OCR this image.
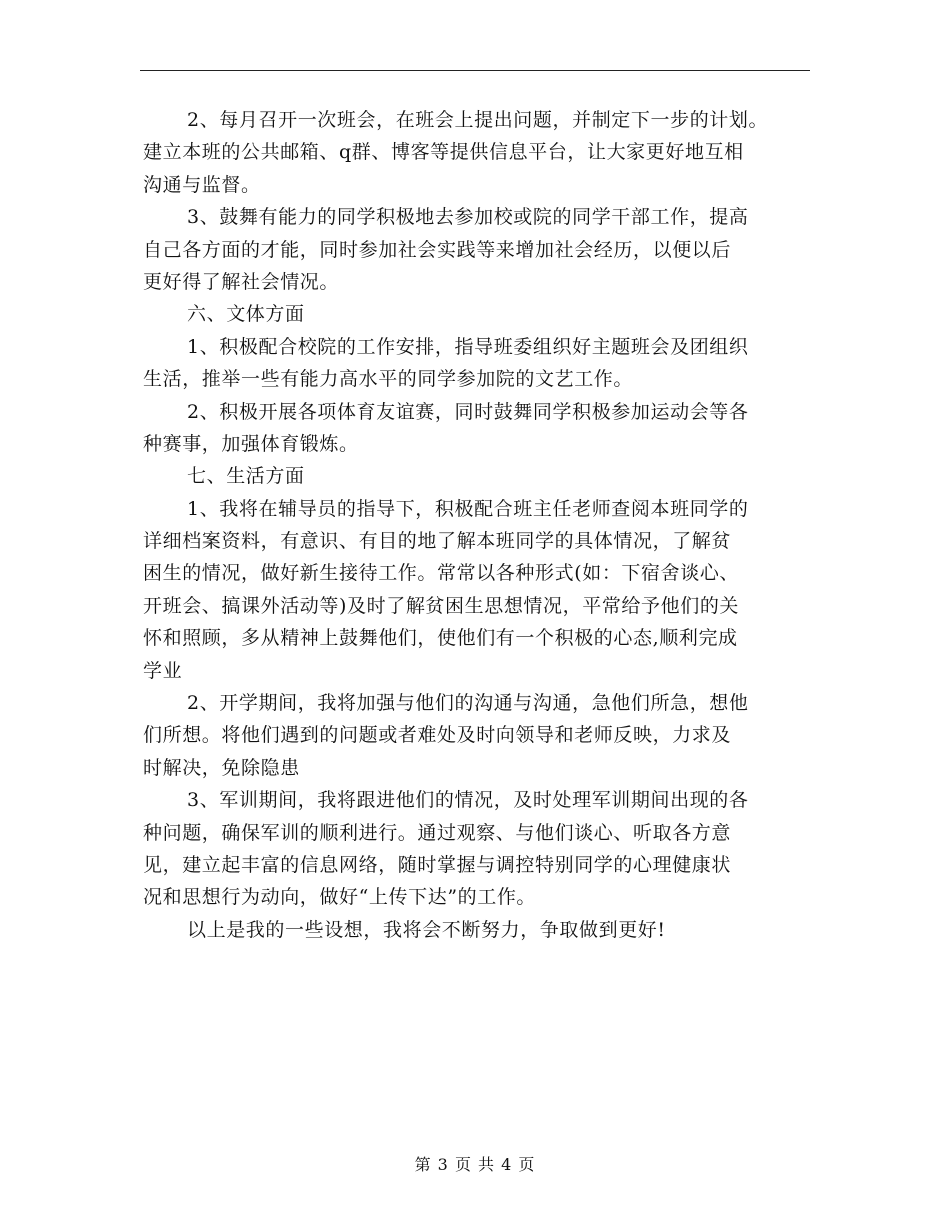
2、每月召开一次班会，在班会上提出问题，并制定下一步的计划。
建立本班的公共邮箱、q群、博客等提供信息平台，让大家更好地互相
沟通与监督。
3、鼓舞有能力的同学积极地去参加校或院的同学干部工作，提高
自己各方面的才能，同时参加社会实践等来增加社会经历，以便以后
更好得了解社会情况。
六、文体方面
1、积极配合校院的工作安排，指导班委组织好主题班会及团组织
生活，推举一些有能力高水平的同学参加院的文艺工作。
2、积极开展各项体育友谊赛，同时鼓舞同学积极参加运动会等各
种赛事，加强体育锻炼。
七、生活方面
1、我将在辅导员的指导下，积极配合班主任老师查阅本班同学的
详细档案资料，有意识、有目的地了解本班同学的具体情况，了解贫
困生的情况，做好新生接待工作。常常以各种形式(如：下宿舍谈心、
开班会、搞课外活动等)及时了解贫困生思想情况，平常给予他们的关
怀和照顾，多从精神上鼓舞他们，使他们有一个积极的心态,顺利完成
学业
2、开学期间，我将加强与他们的沟通与沟通，急他们所急，想他
们所想。将他们遇到的问题或者难处及时向领导和老师反映，力求及
时解决，免除隐患
3、军训期间，我将跟进他们的情况，及时处理军训期间出现的各
种问题，确保军训的顺利进行。通过观察、与他们谈心、听取各方意
见，建立起丰富的信息网络，随时掌握与调控特别同学的心理健康状
况和思想行为动向，做好“上传下达”的工作。
以上是我的一些设想，我将会不断努力，争取做到更好!
第 3 页 共 4 页
